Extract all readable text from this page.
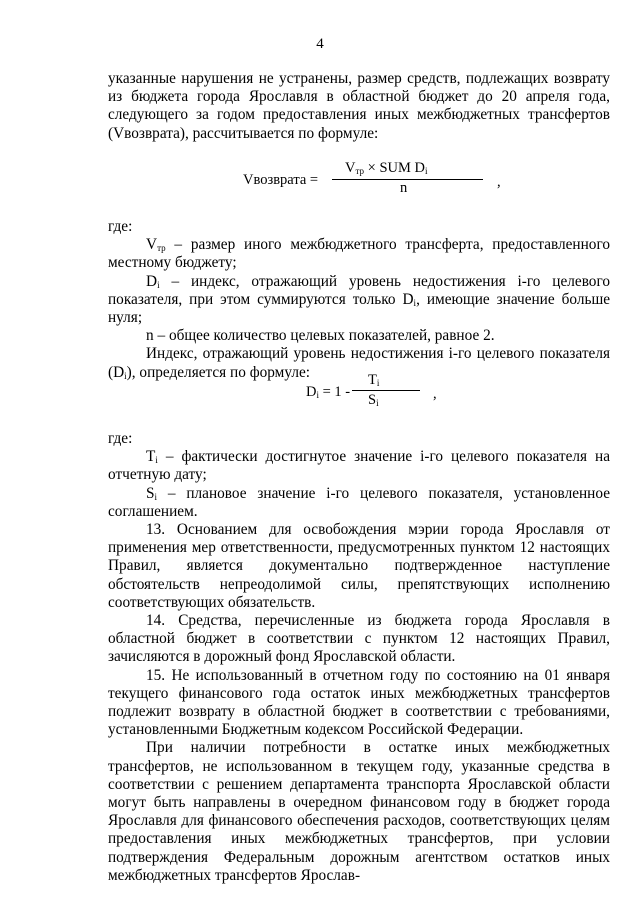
4

указанные нарушения не устранены, размер средств, подлежащих возврату из бюджета города Ярославля в областной бюджет до 20 апреля года, следующего за годом предоставления иных межбюджетных трансфертов (Vвозврата), рассчитывается по формуле:

Vвозврата =
$V_{тр}$ × SUM $D_i$
n	,

где:

$V_{тр}$ – размер иного межбюджетного трансферта, предоставленного местному бюджету;

$D_i$ – индекс, отражающий уровень недостижения i-го целевого показателя, при этом суммируются только $D_i$, имеющие значение больше нуля;

n – общее количество целевых показателей, равное 2.

Индекс, отражающий уровень недостижения i-го целевого показателя $(D_i)$, определяется по формуле:

$D_i = 1$ -
$T_i$
$S_i$
,

где:

$T_i$ – фактически достигнутое значение i-го целевого показателя на отчетную дату;

$S_i$ – плановое значение i-го целевого показателя, установленное соглашением.

13. Основанием для освобождения мэрии города Ярославля от применения мер ответственности, предусмотренных пунктом 12 настоящих Правил, является документально подтвержденное наступление обстоятельств непреодолимой силы, препятствующих исполнению соответствующих обязательств.

14. Средства, перечисленные из бюджета города Ярославля в областной бюджет в соответствии с пунктом 12 настоящих Правил, зачисляются в дорожный фонд Ярославской области.

15. Не использованный в отчетном году по состоянию на 01 января текущего финансового года остаток иных межбюджетных трансфертов подлежит возврату в областной бюджет в соответствии с требованиями, установленными Бюджетным кодексом Российской Федерации.

При наличии потребности в остатке иных межбюджетных трансфертов, не использованном в текущем году, указанные средства в соответствии с решением департамента транспорта Ярославской области могут быть направлены в очередном финансовом году в бюджет города Ярославля для финансового обеспечения расходов, соответствующих целям предоставления иных межбюджетных трансфертов, при условии подтверждения Федеральным дорожным агентством остатков иных межбюджетных трансфертов Ярослав-
